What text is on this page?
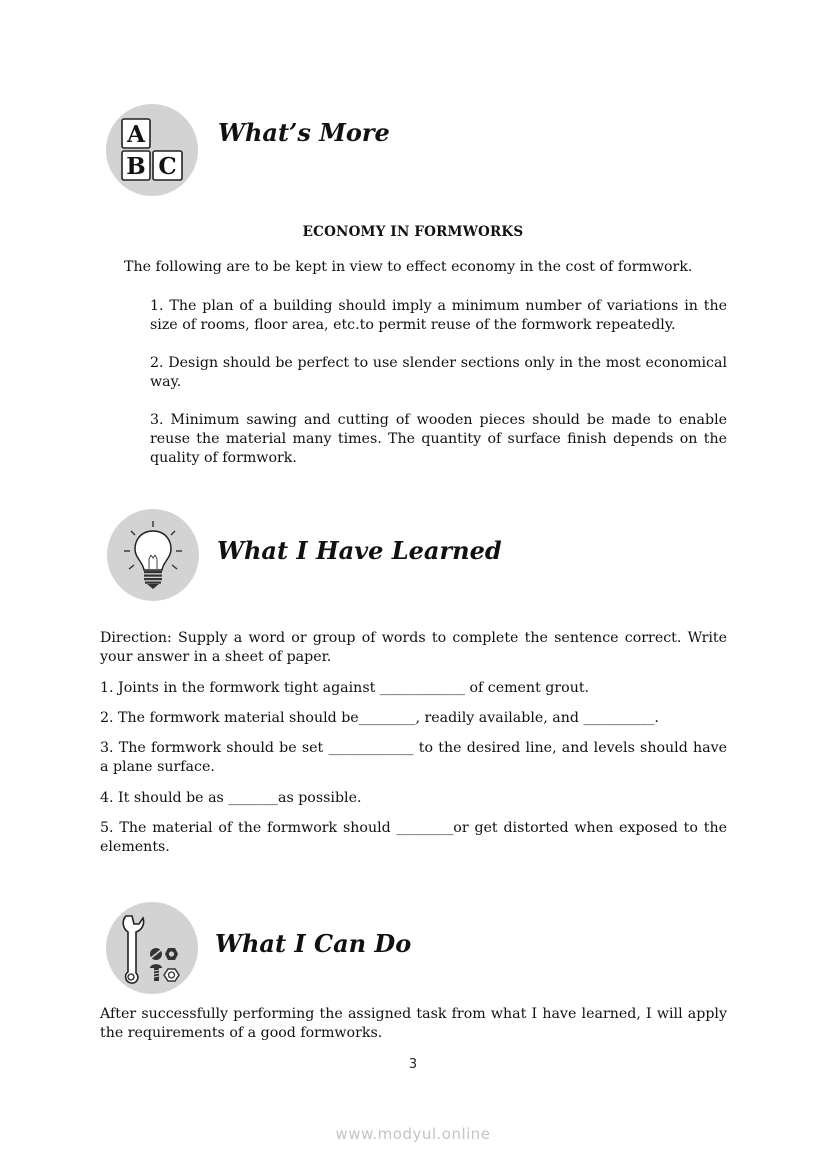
A
B C
What’s More
ECONOMY IN FORMWORKS
The following are to be kept in view to effect economy in the cost of formwork.
1. The plan of a building should imply a minimum number of variations in the size of rooms, floor area, etc.to permit reuse of the formwork repeatedly.
2. Design should be perfect to use slender sections only in the most economical way.
3. Minimum sawing and cutting of wooden pieces should be made to enable reuse the material many times. The quantity of surface finish depends on the quality of formwork.
What I Have Learned
Direction: Supply a word or group of words to complete the sentence correct. Write your answer in a sheet of paper.
1. Joints in the formwork tight against ____________ of cement grout.
2. The formwork material should be________, readily available, and __________.
3. The formwork should be set ____________ to the desired line, and levels should have a plane surface.
4. It should be as _______as possible.
5. The material of the formwork should ________or get distorted when exposed to the elements.
What I Can Do
After successfully performing the assigned task from what I have learned, I will apply the requirements of a good formworks.
3
www.modyul.online
